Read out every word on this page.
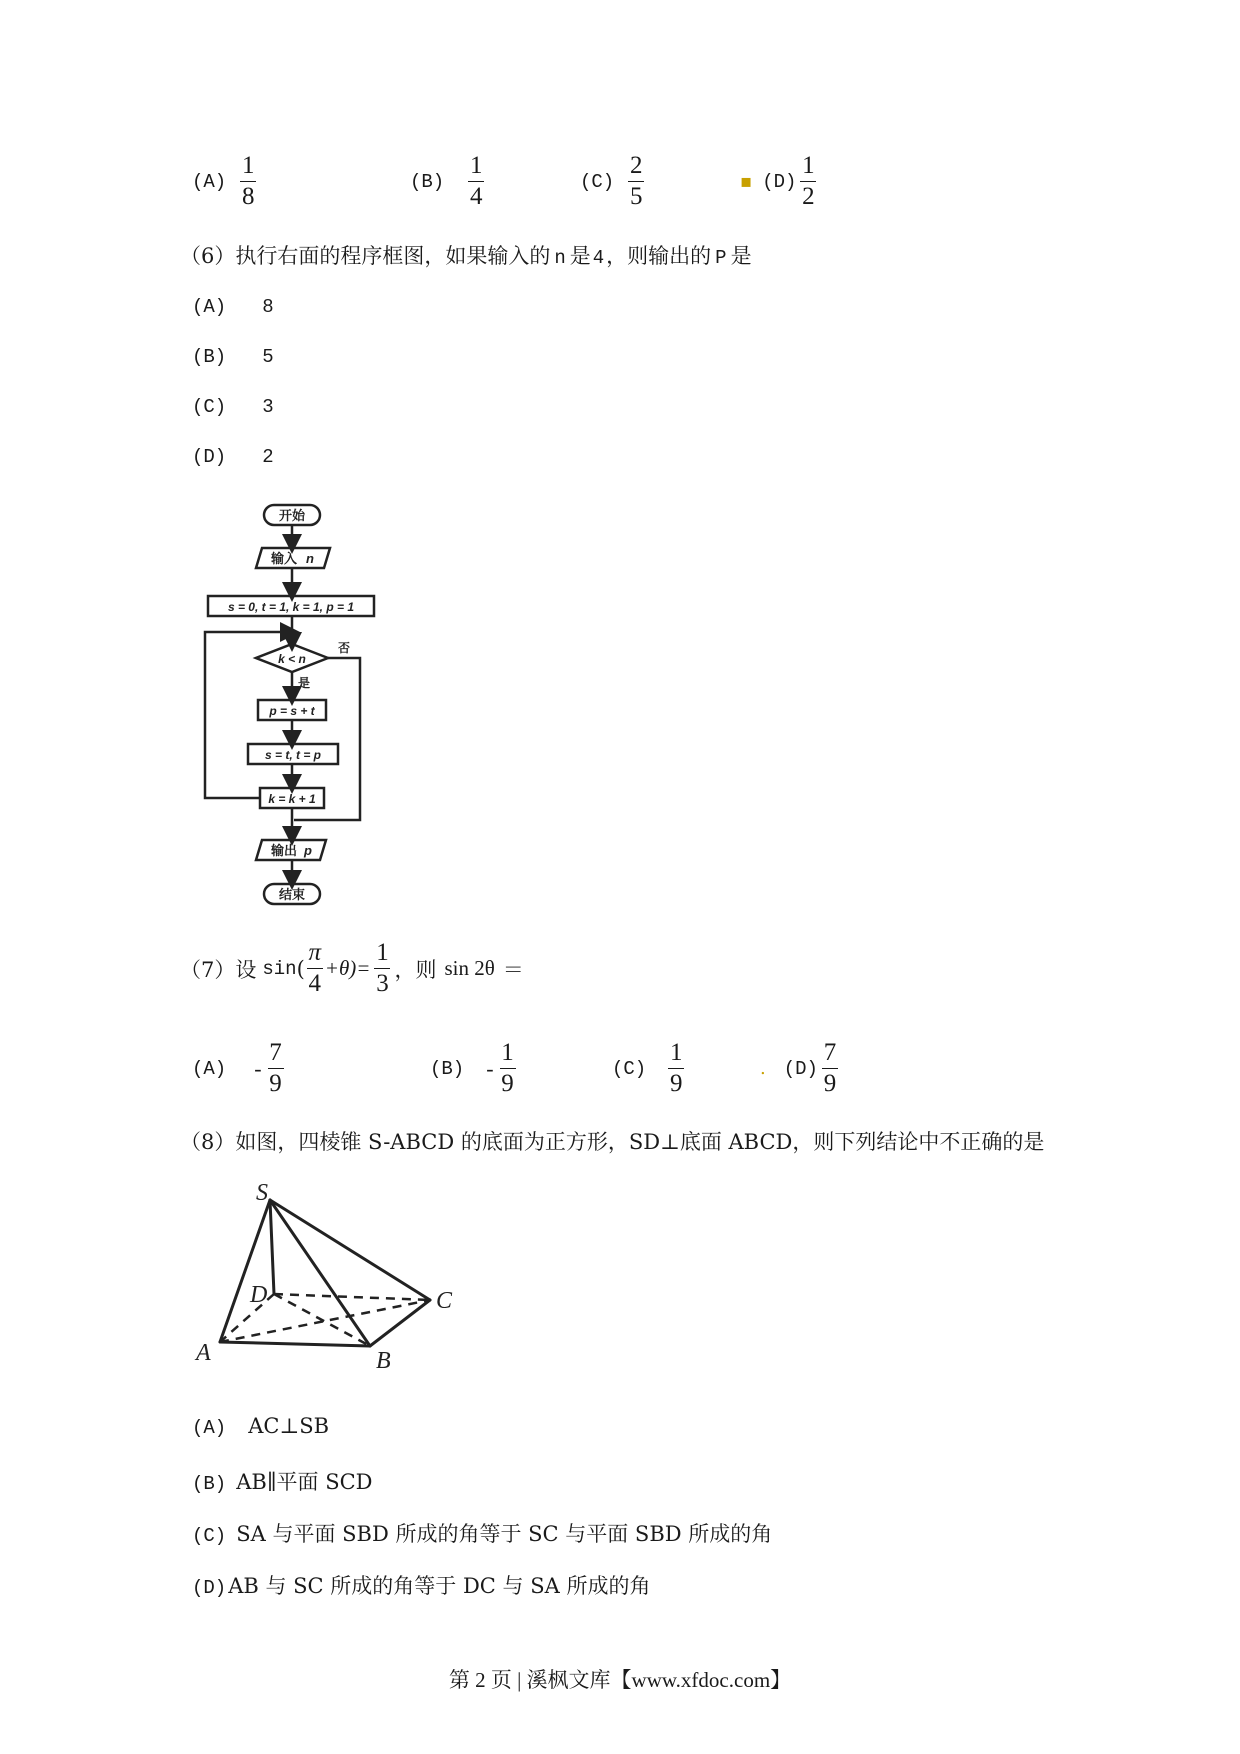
$(A) \frac{1}{8}$	$(B) \frac{1}{4}$	$(C) \frac{2}{5}$	▪ $(D) \frac{1}{2}$
（6）执行右面的程序框图，如果输入的 n 是 4，则输出的 P 是
(A) 8
(B) 5
(C) 3
(D) 2
开始
输入 n
s = 0, t = 1, k = 1, p = 1
k < n
是
否
p = s + t
s = t, t = p
k = k + 1
输出 p
结束
（7）设 sin ( $\frac{\pi}{4} +\theta)= \frac{1}{3}$ ，则 sin 2θ ＝
$(A) - \frac{7}{9}$	$(B) - \frac{1}{9}$	$(C) \frac{1}{9}$	. $(D) \frac{7}{9}$
（8）如图，四棱锥 S-ABCD 的底面为正方形，SD⊥底面 ABCD，则下列结论中不正确的是
S
D	C
A	B
(A) AC⊥SB
(B) AB∥平面 SCD
(C) SA 与平面 SBD 所成的角等于 SC 与平面 SBD 所成的角
(D)AB 与 SC 所成的角等于 DC 与 SA 所成的角
第 2 页 | 溪枫文库【www.xfdoc.com】
